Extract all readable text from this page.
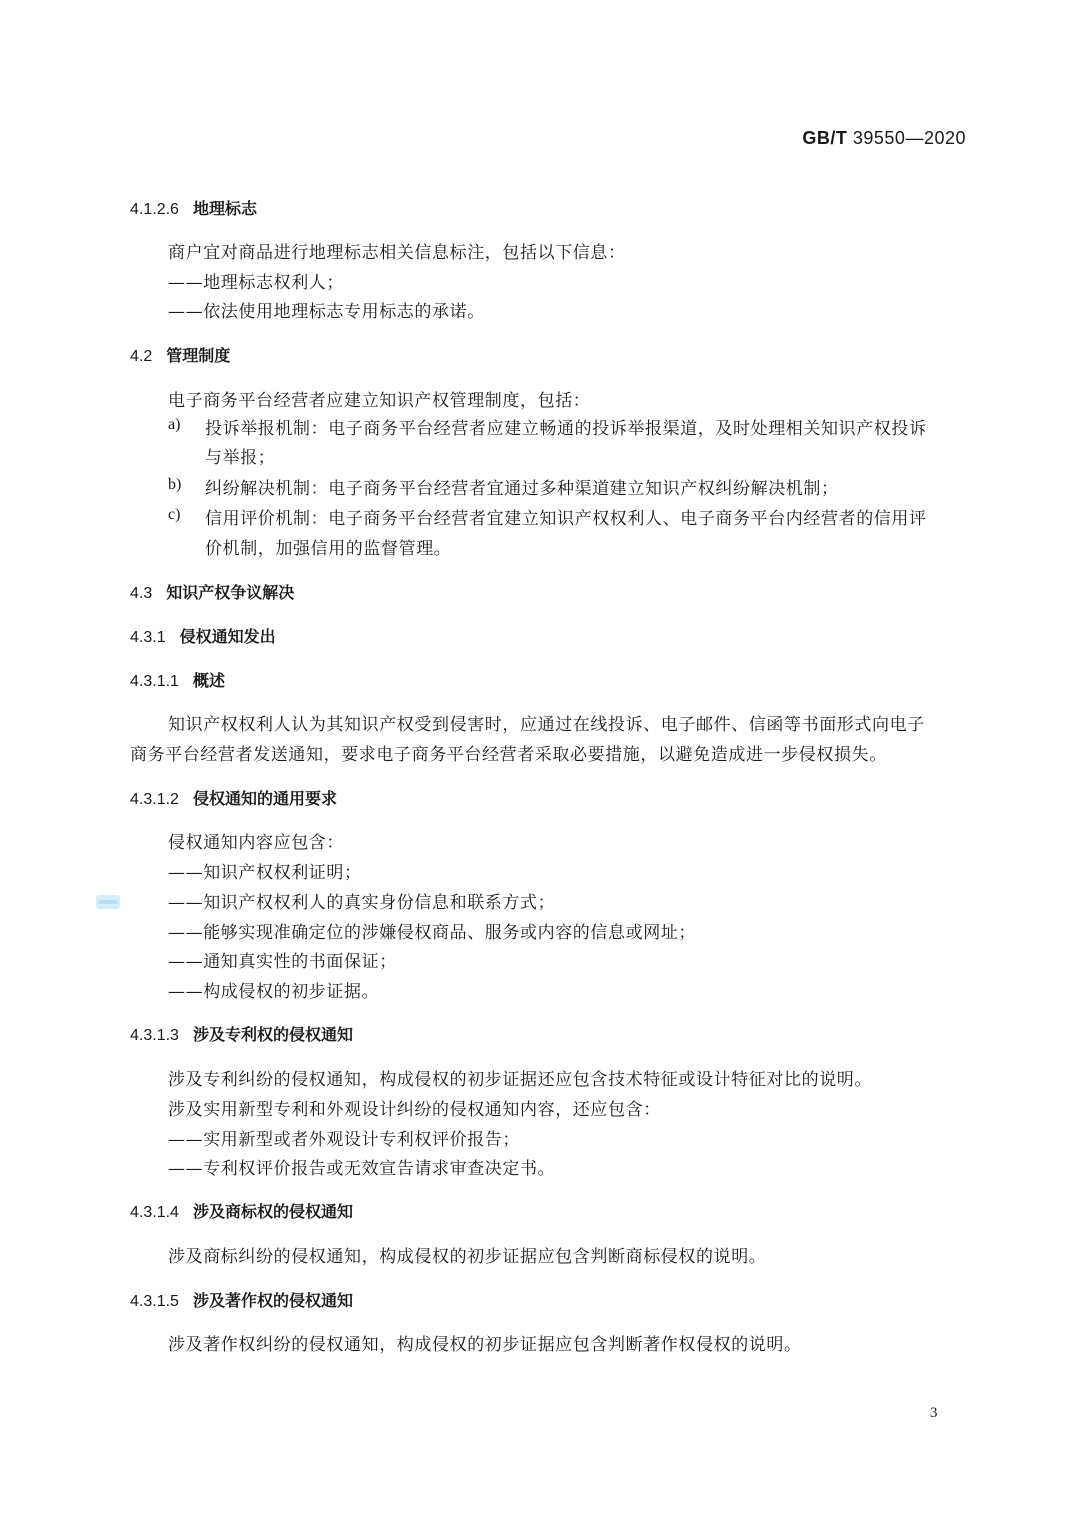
GB/T 39550—2020
4.1.2.6 地理标志
商户宜对商品进行地理标志相关信息标注，包括以下信息：
——地理标志权利人；
——依法使用地理标志专用标志的承诺。
4.2 管理制度
电子商务平台经营者应建立知识产权管理制度，包括：
a) 投诉举报机制：电子商务平台经营者应建立畅通的投诉举报渠道，及时处理相关知识产权投诉
与举报；
b) 纠纷解决机制：电子商务平台经营者宜通过多种渠道建立知识产权纠纷解决机制；
c) 信用评价机制：电子商务平台经营者宜建立知识产权权利人、电子商务平台内经营者的信用评
价机制，加强信用的监督管理。
4.3 知识产权争议解决
4.3.1 侵权通知发出
4.3.1.1 概述
知识产权权利人认为其知识产权受到侵害时，应通过在线投诉、电子邮件、信函等书面形式向电子
商务平台经营者发送通知，要求电子商务平台经营者采取必要措施，以避免造成进一步侵权损失。
4.3.1.2 侵权通知的通用要求
侵权通知内容应包含：
——知识产权权利证明；
——知识产权权利人的真实身份信息和联系方式；
——能够实现准确定位的涉嫌侵权商品、服务或内容的信息或网址；
——通知真实性的书面保证；
——构成侵权的初步证据。
4.3.1.3 涉及专利权的侵权通知
涉及专利纠纷的侵权通知，构成侵权的初步证据还应包含技术特征或设计特征对比的说明。
涉及实用新型专利和外观设计纠纷的侵权通知内容，还应包含：
——实用新型或者外观设计专利权评价报告；
——专利权评价报告或无效宣告请求审查决定书。
4.3.1.4 涉及商标权的侵权通知
涉及商标纠纷的侵权通知，构成侵权的初步证据应包含判断商标侵权的说明。
4.3.1.5 涉及著作权的侵权通知
涉及著作权纠纷的侵权通知，构成侵权的初步证据应包含判断著作权侵权的说明。
3
